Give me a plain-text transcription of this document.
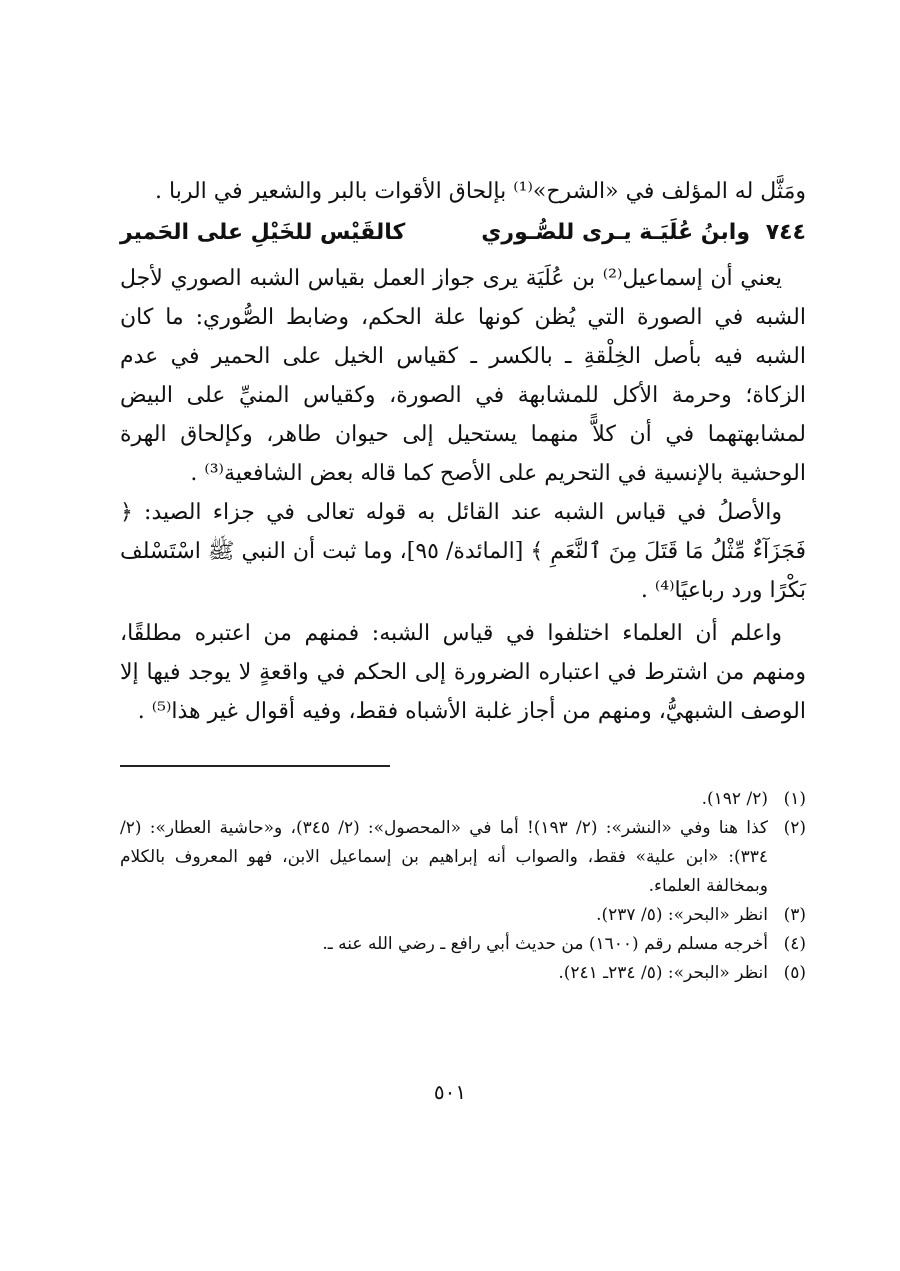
ومَثَّل له المؤلف في «الشرح»⁽¹⁾ بإلحاق الأقوات بالبر والشعير في الربا .

٧٤٤ وابنُ عُلَيَـة يـرى للصُّـوري
كالقَيْس للخَيْلِ على الحَمير

يعني أن إسماعيل⁽²⁾ بن عُلَيَة يرى جواز العمل بقياس الشبه الصوري لأجل الشبه في الصورة التي يُظن كونها علة الحكم، وضابط الصُّوري: ما كان الشبه فيه بأصل الخِلْقةِ ـ بالكسر ـ كقياس الخيل على الحمير في عدم الزكاة؛ وحرمة الأكل للمشابهة في الصورة، وكقياس المنيِّ على البيض لمشابهتهما في أن كلاًّ منهما يستحيل إلى حيوان طاهر، وكإلحاق الهرة الوحشية بالإنسية في التحريم على الأصح كما قاله بعض الشافعية⁽³⁾ .

والأصلُ في قياس الشبه عند القائل به قوله تعالى في جزاء الصيد: ﴿ فَجَزَآءٌ مِّثْلُ مَا قَتَلَ مِنَ ٱلنَّعَمِ ﴾ [المائدة/ ٩٥]، وما ثبت أن النبي ﷺ اسْتَسْلف بَكْرًا ورد رباعيًا⁽⁴⁾ .

واعلم أن العلماء اختلفوا في قياس الشبه: فمنهم من اعتبره مطلقًا، ومنهم من اشترط في اعتباره الضرورة إلى الحكم في واقعةٍ لا يوجد فيها إلا الوصف الشبهيُّ، ومنهم من أجاز غلبة الأشباه فقط، وفيه أقوال غير هذا⁽⁵⁾ .

(١)
(٢/ ١٩٢).
(٢)
كذا هنا وفي «النشر»: (٢/ ١٩٣)! أما في «المحصول»: (٢/ ٣٤٥)، و«حاشية العطار»: (٢/ ٣٣٤): «ابن علية» فقط، والصواب أنه إبراهيم بن إسماعيل الابن، فهو المعروف بالكلام وبمخالفة العلماء.
(٣)
انظر «البحر»: (٥/ ٢٣٧).
(٤)
أخرجه مسلم رقم (١٦٠٠) من حديث أبي رافع ـ رضي الله عنه ـ.
(٥)
انظر «البحر»: (٥/ ٢٣٤ـ ٢٤١).
٥٠١
